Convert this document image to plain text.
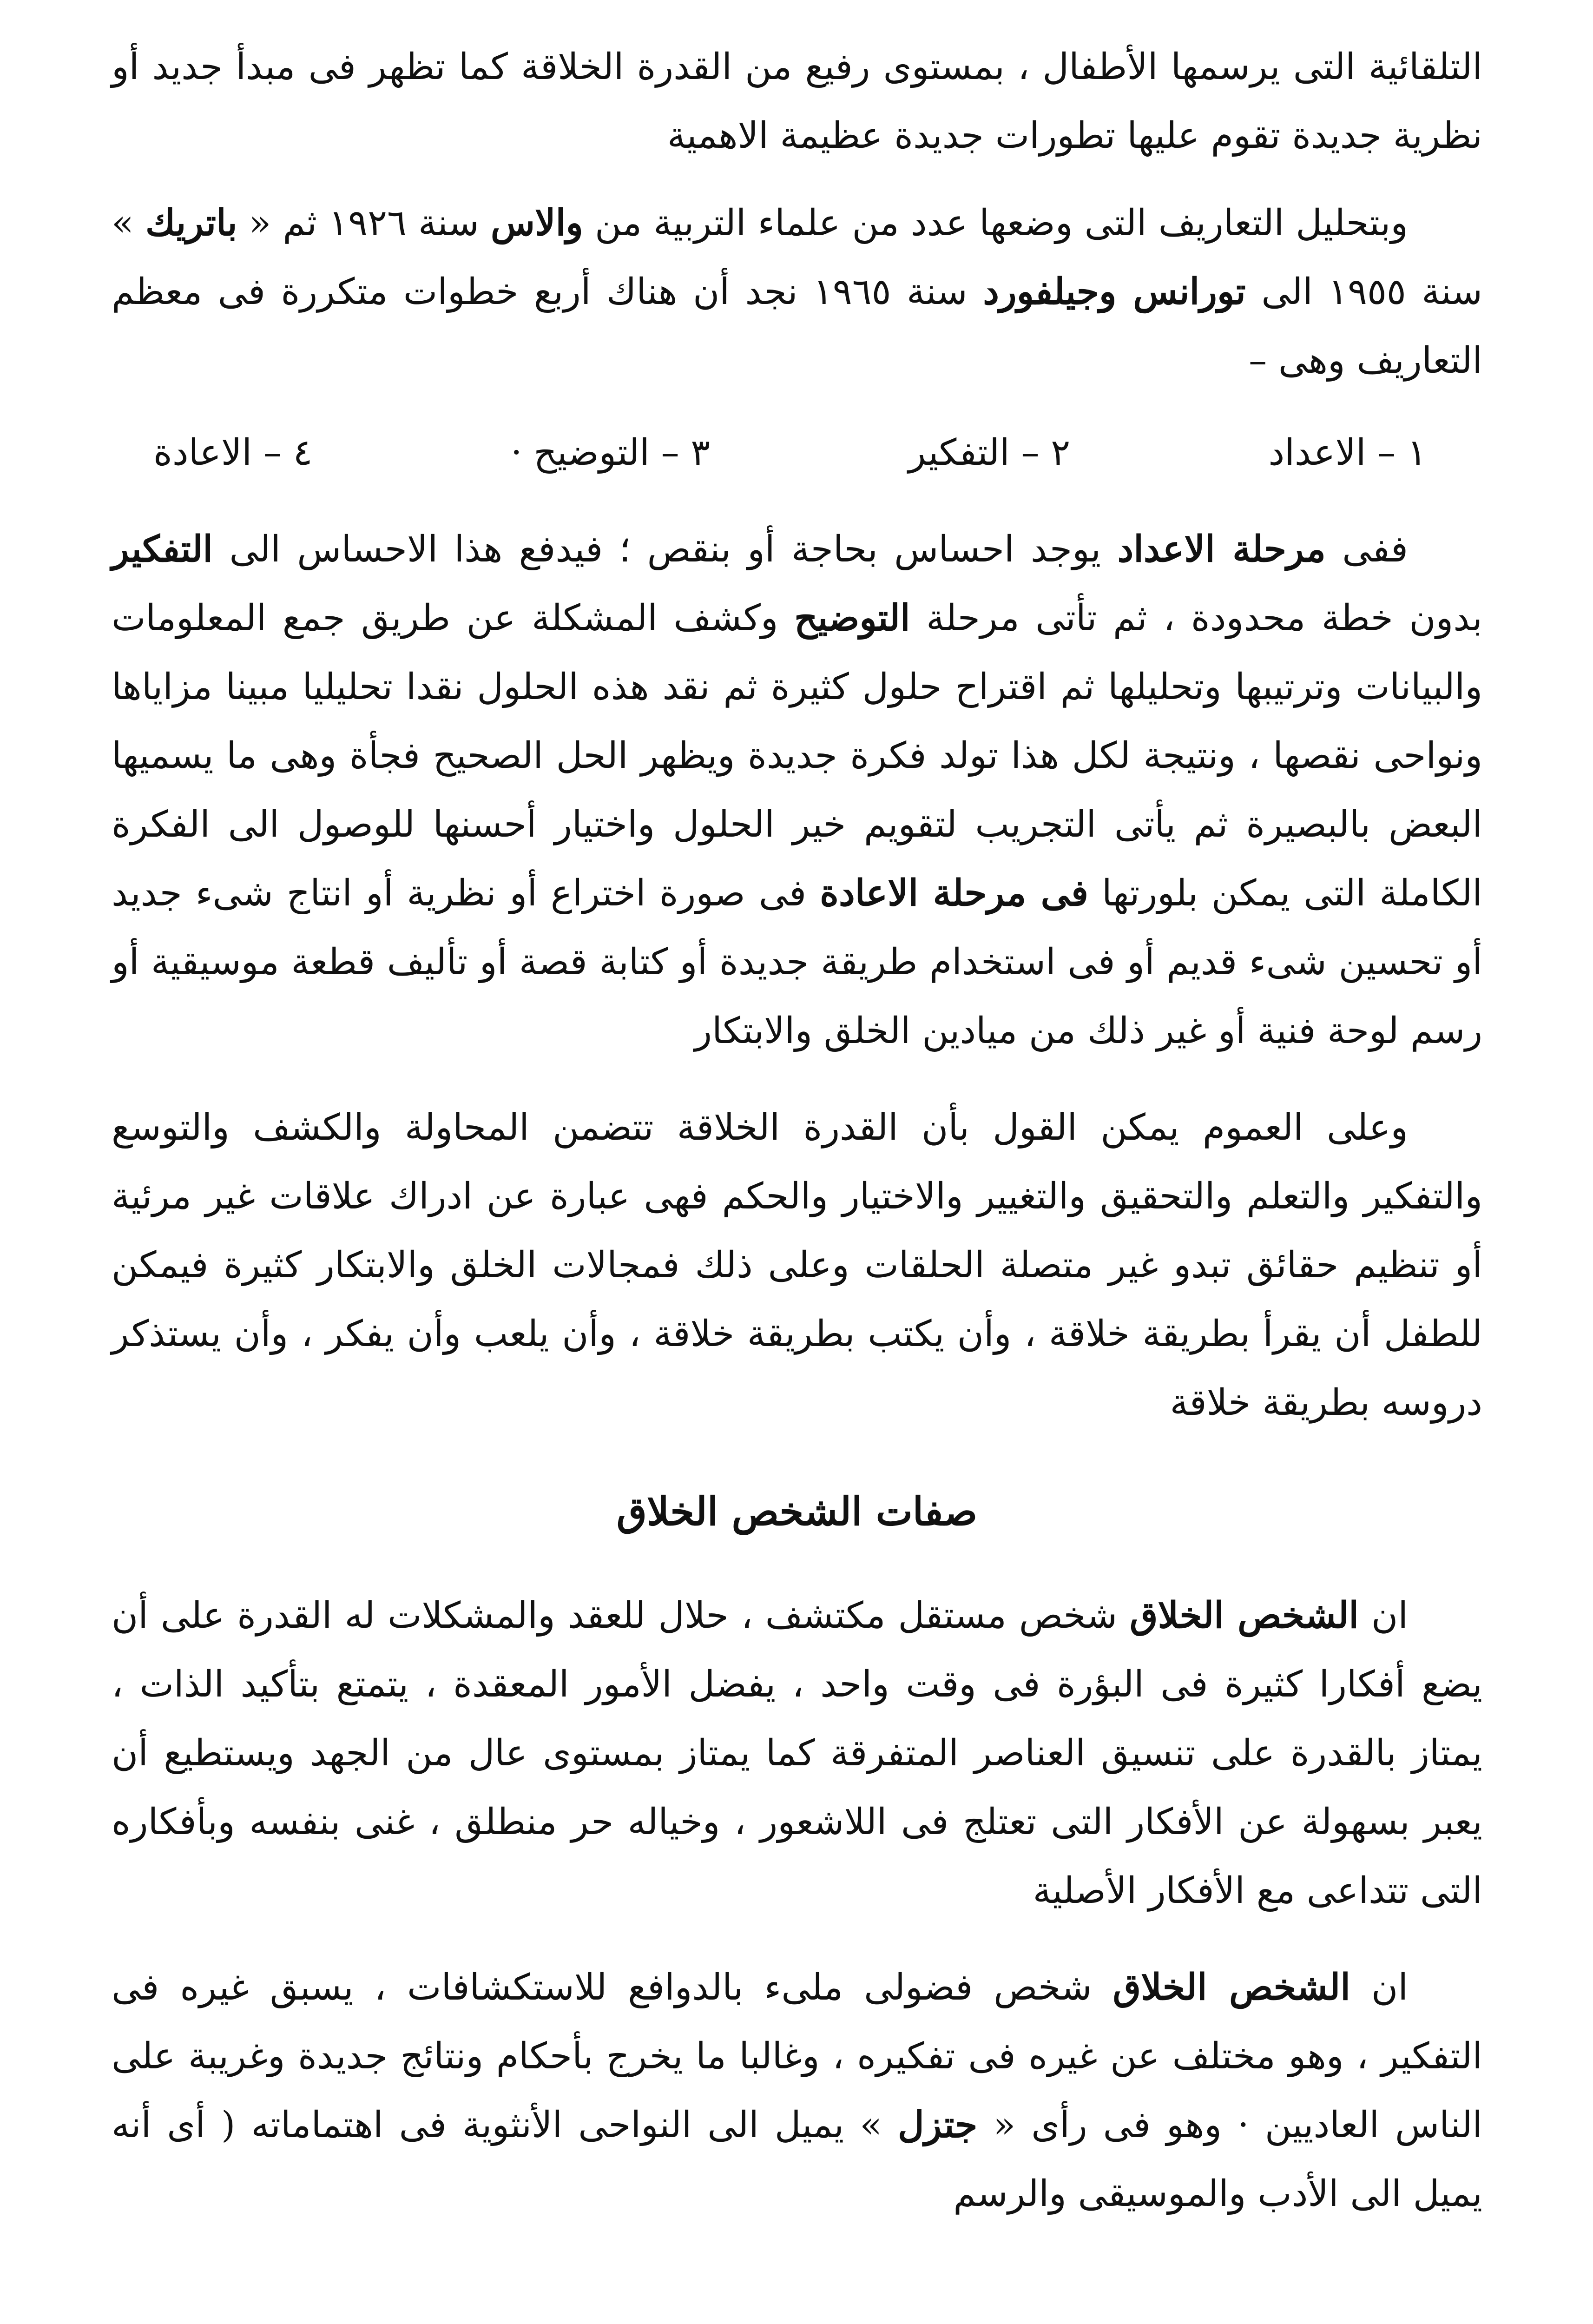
التلقائية التى يرسمها الأطفال ، بمستوى رفيع من القدرة الخلاقة كما تظهر فى مبدأ جديد أو نظرية جديدة تقوم عليها تطورات جديدة عظيمة الاهمية

وبتحليل التعاريف التى وضعها عدد من علماء التربية من والاس سنة ١٩٢٦ ثم « باتريك » سنة ١٩٥٥ الى تورانس وجيلفورد سنة ١٩٦٥ نجد أن هناك أربع خطوات متكررة فى معظم التعاريف وهى –

١ – الاعداد
٢ – التفكير
٣ – التوضيح ·
٤ – الاعادة

ففى مرحلة الاعداد يوجد احساس بحاجة أو بنقص ؛ فيدفع هذا الاحساس الى التفكير بدون خطة محدودة ، ثم تأتى مرحلة التوضيح وكشف المشكلة عن طريق جمع المعلومات والبيانات وترتيبها وتحليلها ثم اقتراح حلول كثيرة ثم نقد هذه الحلول نقدا تحليليا مبينا مزاياها ونواحى نقصها ، ونتيجة لكل هذا تولد فكرة جديدة ويظهر الحل الصحيح فجأة وهى ما يسميها البعض بالبصيرة ثم يأتى التجريب لتقويم خير الحلول واختيار أحسنها للوصول الى الفكرة الكاملة التى يمكن بلورتها فى مرحلة الاعادة فى صورة اختراع أو نظرية أو انتاج شىء جديد أو تحسين شىء قديم أو فى استخدام طريقة جديدة أو كتابة قصة أو تأليف قطعة موسيقية أو رسم لوحة فنية أو غير ذلك من ميادين الخلق والابتكار

وعلى العموم يمكن القول بأن القدرة الخلاقة تتضمن المحاولة والكشف والتوسع والتفكير والتعلم والتحقيق والتغيير والاختيار والحكم فهى عبارة عن ادراك علاقات غير مرئية أو تنظيم حقائق تبدو غير متصلة الحلقات وعلى ذلك فمجالات الخلق والابتكار كثيرة فيمكن للطفل أن يقرأ بطريقة خلاقة ، وأن يكتب بطريقة خلاقة ، وأن يلعب وأن يفكر ، وأن يستذكر دروسه بطريقة خلاقة

صفات الشخص الخلاق

ان الشخص الخلاق شخص مستقل مكتشف ، حلال للعقد والمشكلات له القدرة على أن يضع أفكارا كثيرة فى البؤرة فى وقت واحد ، يفضل الأمور المعقدة ، يتمتع بتأكيد الذات ، يمتاز بالقدرة على تنسيق العناصر المتفرقة كما يمتاز بمستوى عال من الجهد ويستطيع أن يعبر بسهولة عن الأفكار التى تعتلج فى اللاشعور ، وخياله حر منطلق ، غنى بنفسه وبأفكاره التى تتداعى مع الأفكار الأصلية

ان الشخص الخلاق شخص فضولى ملىء بالدوافع للاستكشافات ، يسبق غيره فى التفكير ، وهو مختلف عن غيره فى تفكيره ، وغالبا ما يخرج بأحكام ونتائج جديدة وغريبة على الناس العاديين · وهو فى رأى « جتزل » يميل الى النواحى الأنثوية فى اهتماماته ( أى أنه يميل الى الأدب والموسيقى والرسم
